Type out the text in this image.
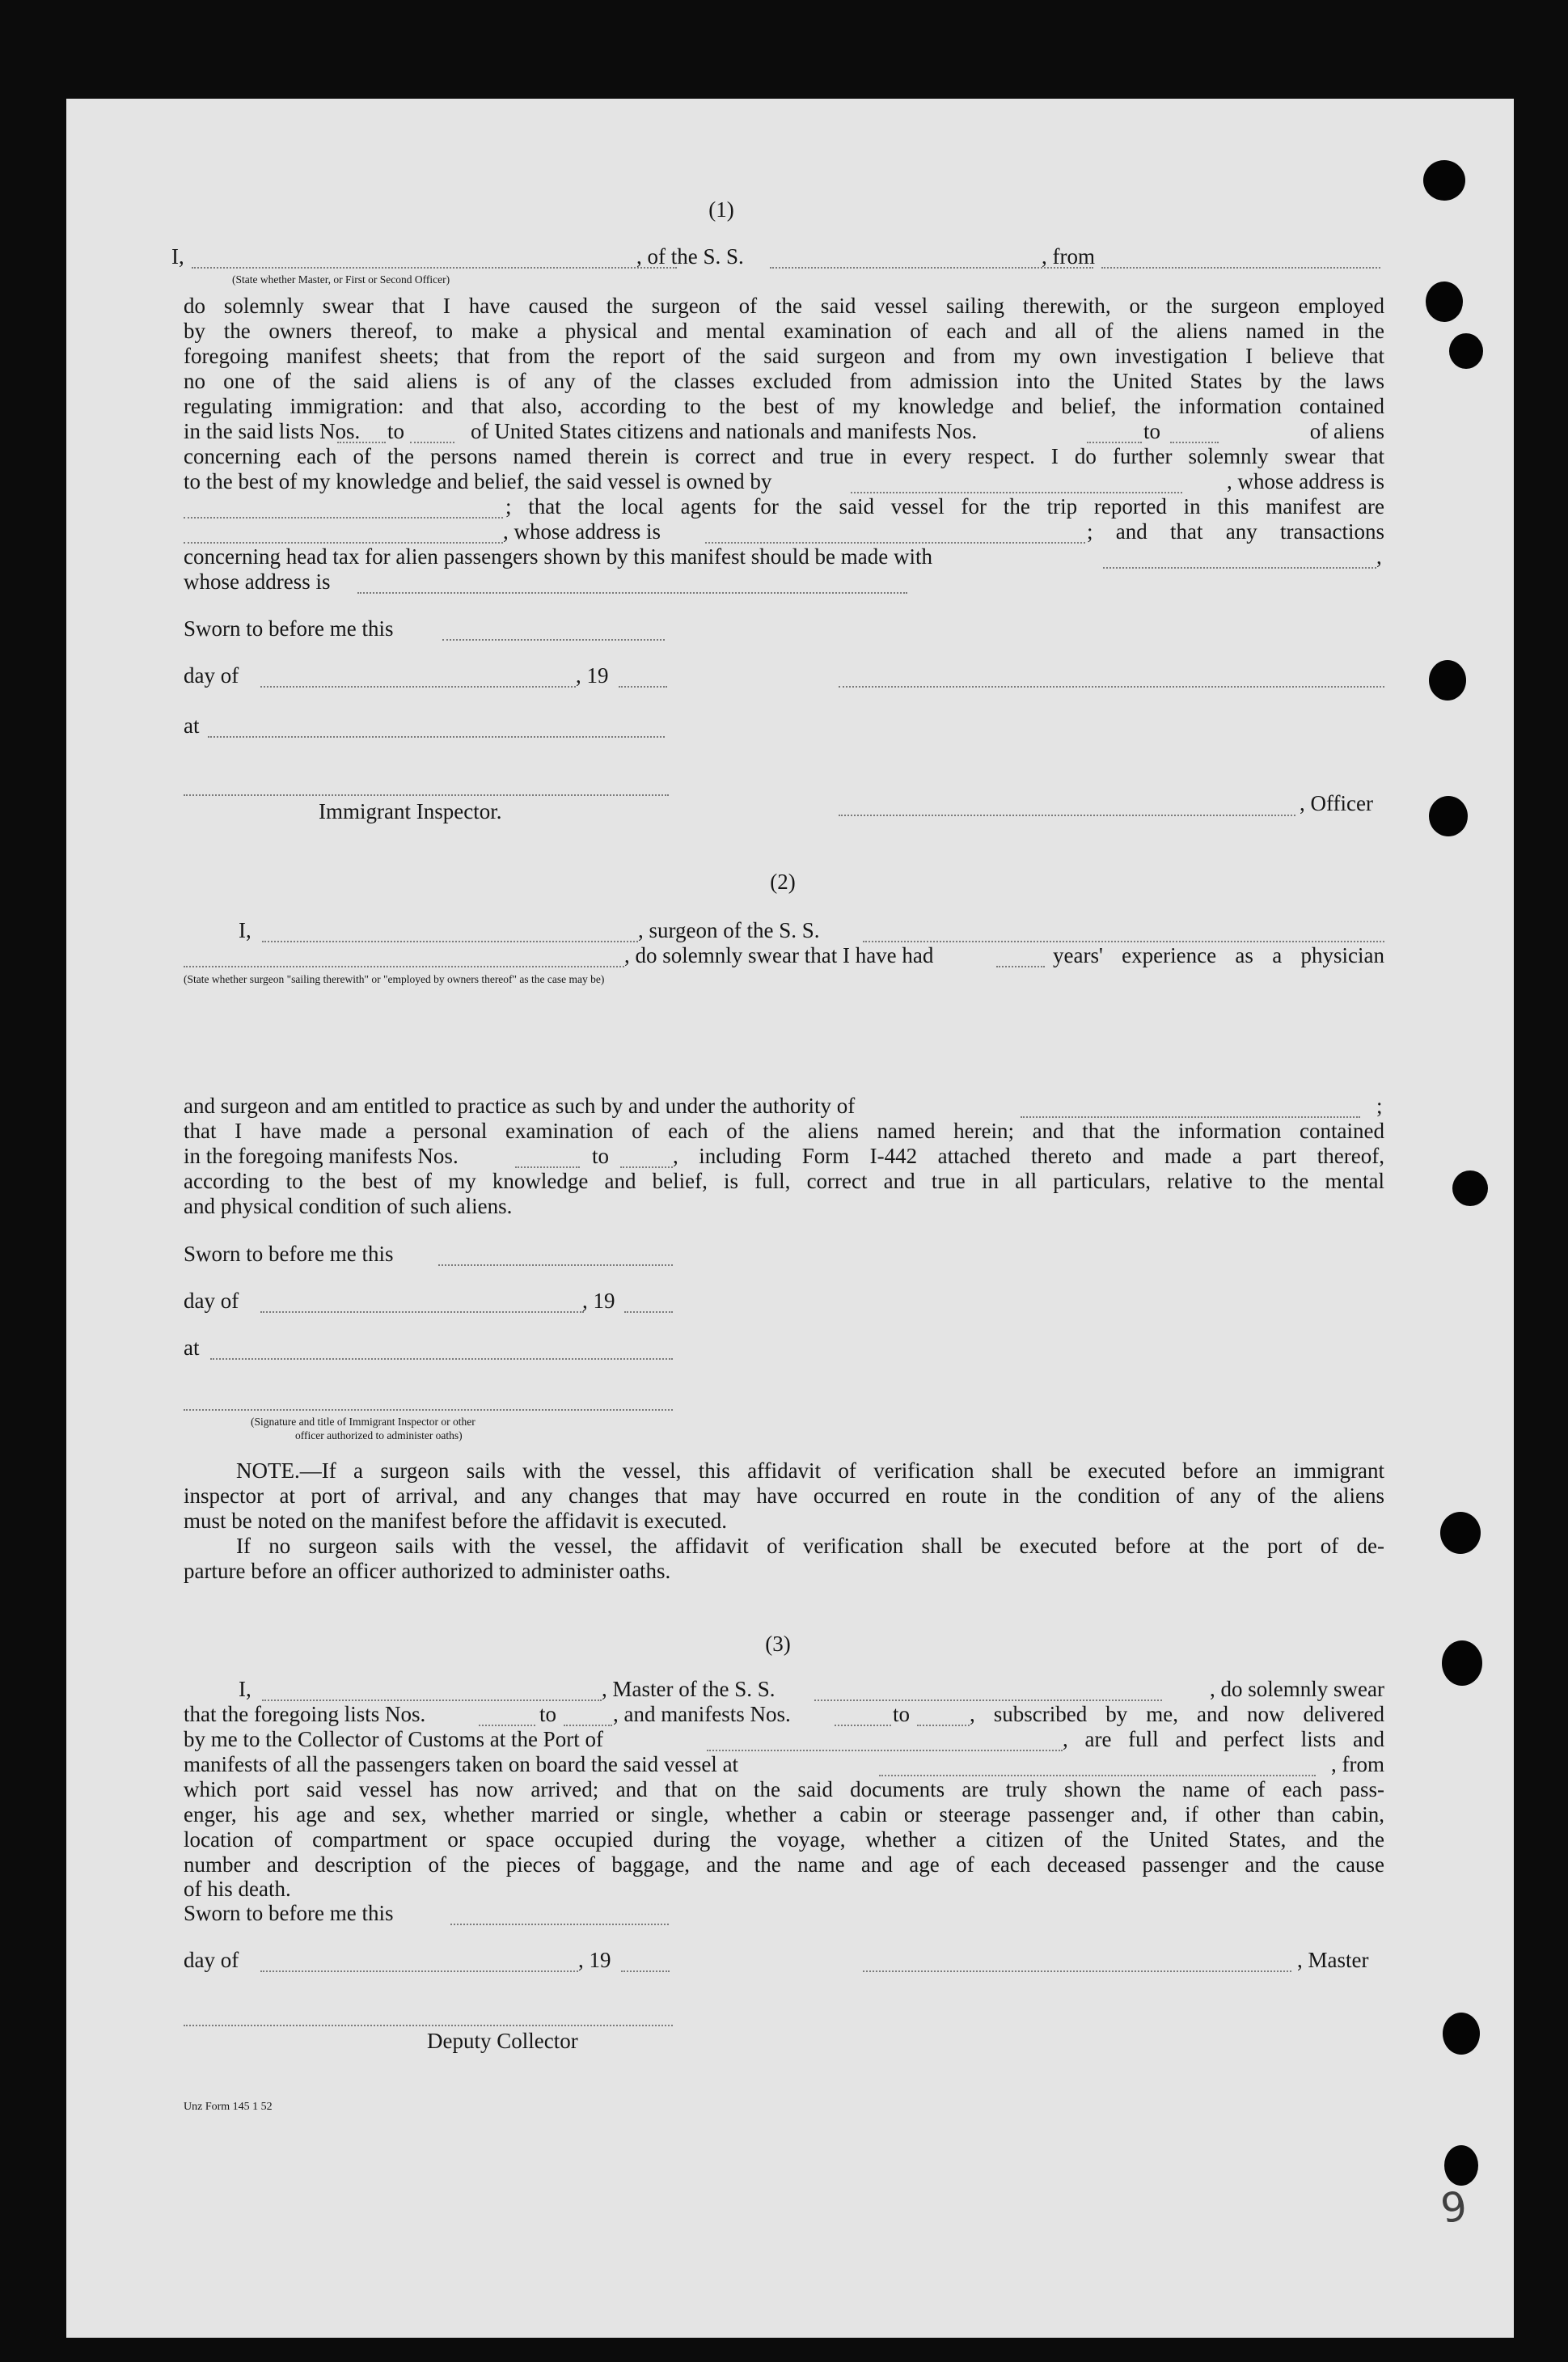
(1)
I,	, of the S. S.	, from
(State whether Master, or First or Second Officer)
do solemnly swear that I have caused the surgeon of the said vessel sailing therewith, or the surgeon employed
by the owners thereof, to make a physical and mental examination of each and all of the aliens named in the
foregoing manifest sheets; that from the report of the said surgeon and from my own investigation I believe that
no one of the said aliens is of any of the classes excluded from admission into the United States by the laws
regulating immigration: and that also, according to the best of my knowledge and belief, the information contained
in the said lists Nos. to	of United States citizens and nationals and manifests Nos.	to	of aliens
concerning each of the persons named therein is correct and true in every respect. I do further solemnly swear that
to the best of my knowledge and belief, the said vessel is owned by	, whose address is
; that the local agents for the said vessel for the trip reported in this manifest are
, whose address is	; and that any transactions
concerning head tax for alien passengers shown by this manifest should be made with	,
whose address is
Sworn to before me this
day of	, 19
at
Immigrant Inspector.	, Officer
(2)
I,	, surgeon of the S. S.
, do solemnly swear that I have had	years' experience as a physician
(State whether surgeon "sailing therewith" or "employed by owners thereof" as the case may be)
and surgeon and am entitled to practice as such by and under the authority of	;
that I have made a personal examination of each of the aliens named herein; and that the information contained
in the foregoing manifests Nos.	to	, including Form I-442 attached thereto and made a part thereof,
according to the best of my knowledge and belief, is full, correct and true in all particulars, relative to the mental
and physical condition of such aliens.
Sworn to before me this
day of	, 19
at
(Signature and title of Immigrant Inspector or other
officer authorized to administer oaths)
NOTE.—If a surgeon sails with the vessel, this affidavit of verification shall be executed before an immigrant
inspector at port of arrival, and any changes that may have occurred en route in the condition of any of the aliens
must be noted on the manifest before the affidavit is executed.
If no surgeon sails with the vessel, the affidavit of verification shall be executed before at the port of de-
parture before an officer authorized to administer oaths.
(3)
I,	, Master of the S. S.	, do solemnly swear
that the foregoing lists Nos.	to	, and manifests Nos.	to	, subscribed by me, and now delivered
by me to the Collector of Customs at the Port of	, are full and perfect lists and
manifests of all the passengers taken on board the said vessel at	, from
which port said vessel has now arrived; and that on the said documents are truly shown the name of each pass-
enger, his age and sex, whether married or single, whether a cabin or steerage passenger and, if other than cabin,
location of compartment or space occupied during the voyage, whether a citizen of the United States, and the
number and description of the pieces of baggage, and the name and age of each deceased passenger and the cause
of his death.
Sworn to before me this
day of	, 19	, Master
Deputy Collector
Unz Form 145 1 52
9
